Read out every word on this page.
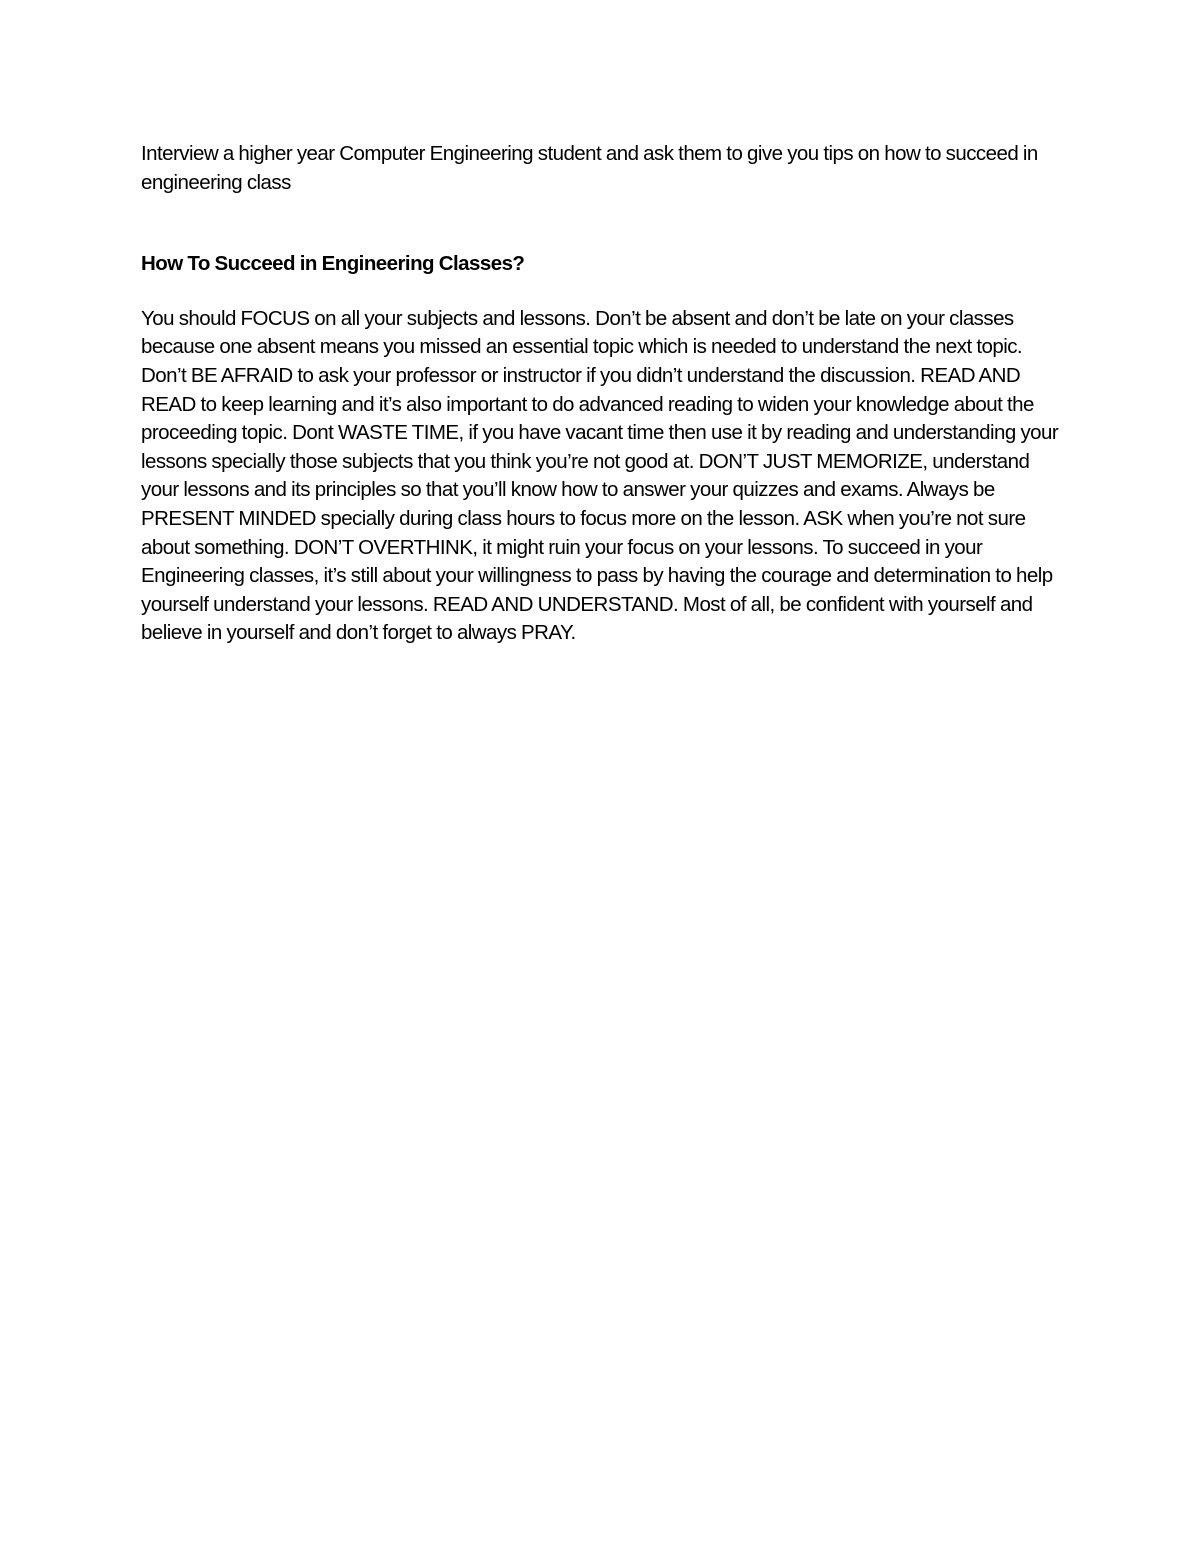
Interview a higher year Computer Engineering student and ask them to give you tips on how to succeed in engineering class

How To Succeed in Engineering Classes?

You should FOCUS on all your subjects and lessons. Don’t be absent and don’t be late on your classes because one absent means you missed an essential topic which is needed to understand the next topic. Don’t BE AFRAID to ask your professor or instructor if you didn’t understand the discussion. READ AND READ to keep learning and it’s also important to do advanced reading to widen your knowledge about the proceeding topic. Dont WASTE TIME, if you have vacant time then use it by reading and understanding your lessons specially those subjects that you think you’re not good at. DON’T JUST MEMORIZE, understand your lessons and its principles so that you’ll know how to answer your quizzes and exams. Always be PRESENT MINDED specially during class hours to focus more on the lesson. ASK when you’re not sure about something. DON’T OVERTHINK, it might ruin your focus on your lessons. To succeed in your Engineering classes, it’s still about your willingness to pass by having the courage and determination to help yourself understand your lessons. READ AND UNDERSTAND. Most of all, be confident with yourself and believe in yourself and don’t forget to always PRAY.
